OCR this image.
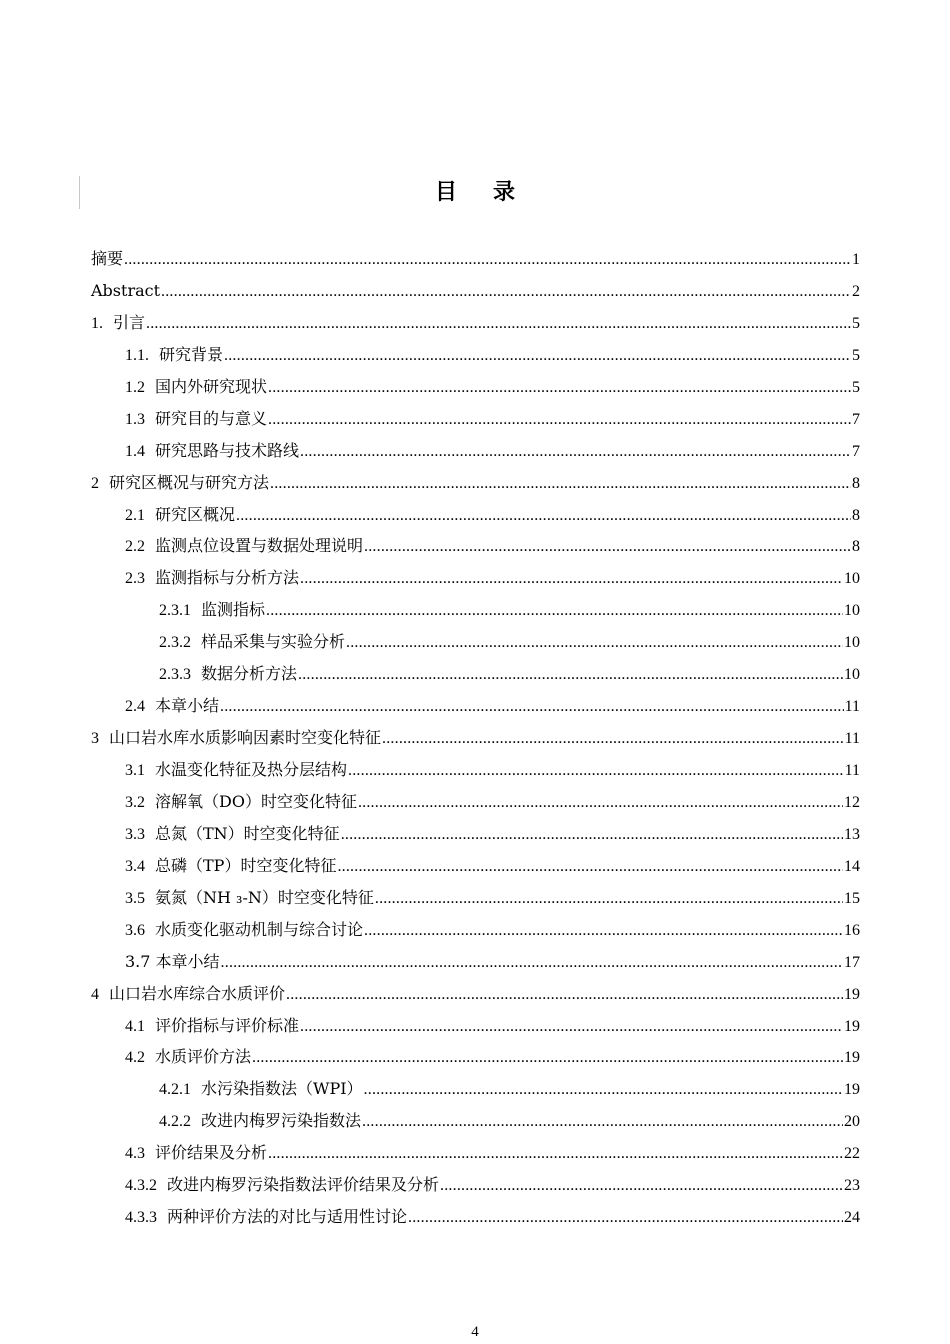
目录
摘要 .....	1
Abstract .....	2
1. 引言 .....	5
1.1. 研究背景 .....	5
1.2 国内外研究现状 .....	5
1.3 研究目的与意义 .....	7
1.4 研究思路与技术路线 .....	7
2 研究区概况与研究方法 .....	8
2.1 研究区概况 .....	8
2.2 监测点位设置与数据处理说明 .....	8
2.3 监测指标与分析方法 .....	10
2.3.1 监测指标 .....	10
2.3.2 样品采集与实验分析 .....	10
2.3.3 数据分析方法 .....	10
2.4 本章小结 .....	11
3 山口岩水库水质影响因素时空变化特征 .....	11
3.1 水温变化特征及热分层结构 .....	11
3.2 溶解氧（DO）时空变化特征 .....	12
3.3 总氮（TN）时空变化特征 .....	13
3.4 总磷（TP）时空变化特征 .....	14
3.5 氨氮（NH ₃-N）时空变化特征 .....	15
3.6 水质变化驱动机制与综合讨论 .....	16
3.7 本章小结 .....	17
4 山口岩水库综合水质评价 .....	19
4.1 评价指标与评价标准 .....	19
4.2 水质评价方法 .....	19
4.2.1 水污染指数法（WPI） .....	19
4.2.2 改进内梅罗污染指数法 .....	20
4.3 评价结果及分析 .....	22
4.3.2 改进内梅罗污染指数法评价结果及分析 .....	23
4.3.3 两种评价方法的对比与适用性讨论 .....	24
4
